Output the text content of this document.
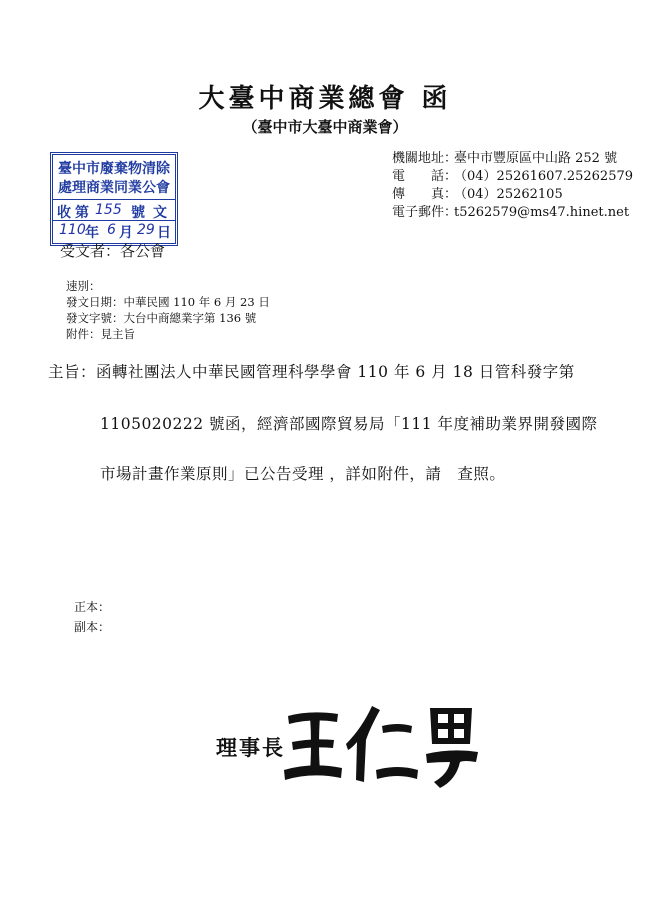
大臺中商業總會 函
（臺中市大臺中商業會）
機關地址：臺中市豐原區中山路 252 號
電　　話：（04）25261607.25262579
傳　　真：（04）25262105
電子郵件：t5262579@ms47.hinet.net
臺中市廢棄物清除
處理商業同業公會
收 第 155 號 文
110 年 6 月 29 日
受文者：各公會
速別：
發文日期：中華民國 110 年 6 月 23 日
發文字號：大台中商總業字第 136 號
附件：見主旨
主旨：函轉社團法人中華民國管理科學學會 110 年 6 月 18 日管科發字第
1105020222 號函，經濟部國際貿易局「111 年度補助業界開發國際
市場計畫作業原則」已公告受理 ，詳如附件，請　查照。
正本：
副本：
理事長
